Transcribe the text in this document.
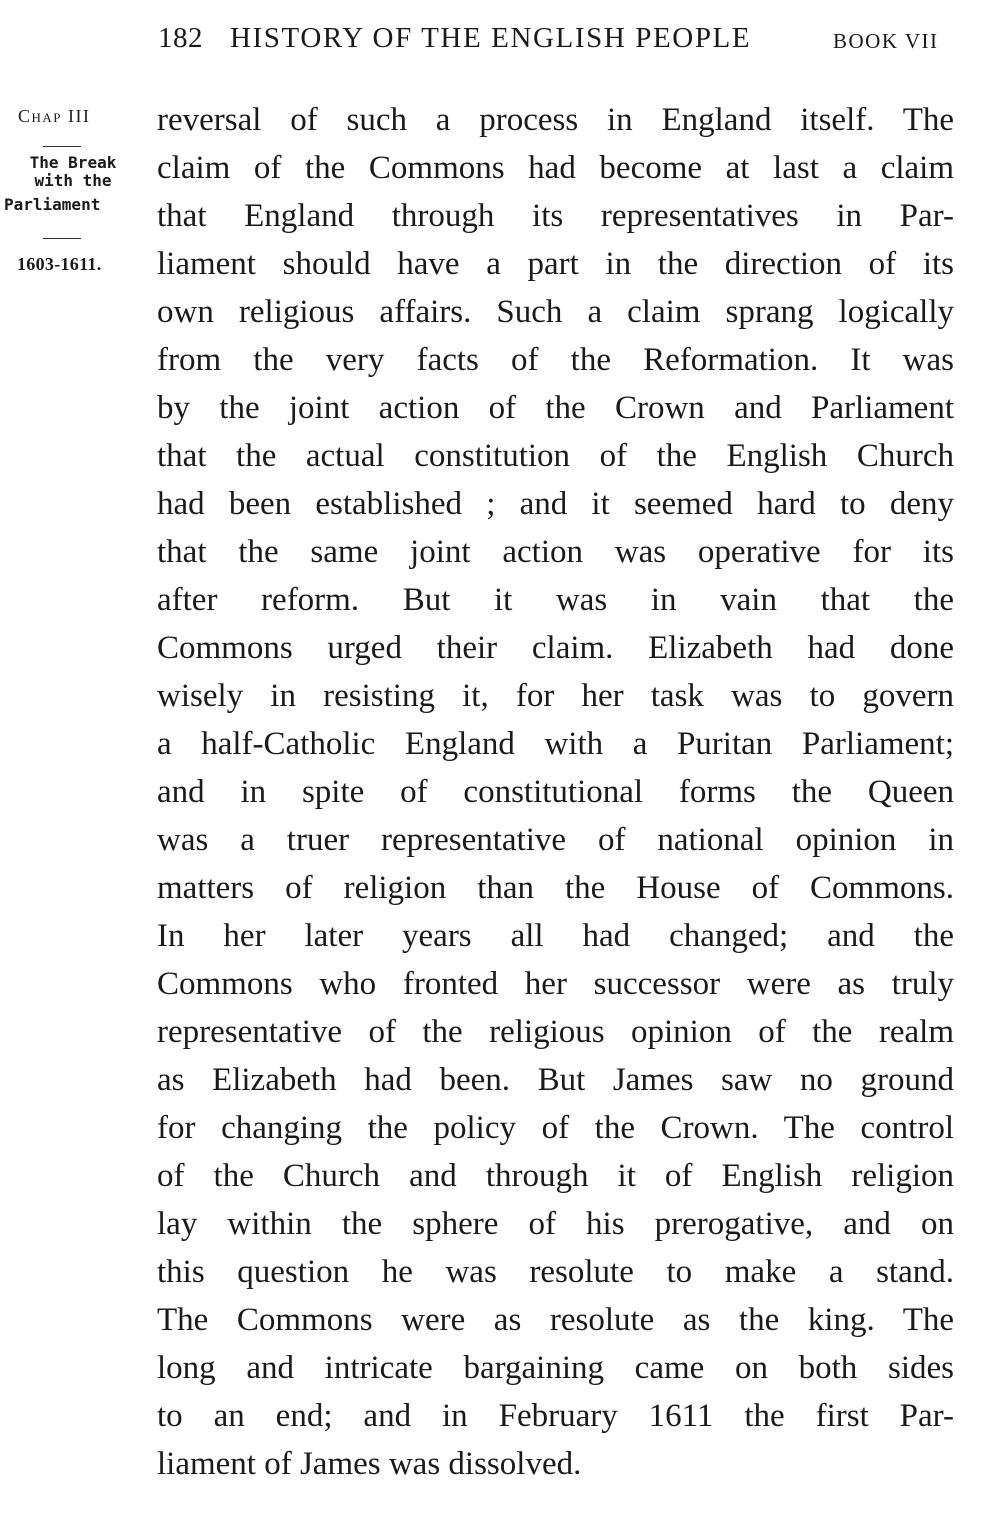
182 HISTORY OF THE ENGLISH PEOPLE	BOOK VII
Chap III
The Break
with the
Parliament
1603-1611.
reversal of such a process in England itself. The
claim of the Commons had become at last a claim
that England through its representatives in Par-
liament should have a part in the direction of its
own religious affairs. Such a claim sprang logically
from the very facts of the Reformation. It was
by the joint action of the Crown and Parliament
that the actual constitution of the English Church
had been established ; and it seemed hard to deny
that the same joint action was operative for its
after reform. But it was in vain that the
Commons urged their claim. Elizabeth had done
wisely in resisting it, for her task was to govern
a half-Catholic England with a Puritan Parliament;
and in spite of constitutional forms the Queen
was a truer representative of national opinion in
matters of religion than the House of Commons.
In her later years all had changed; and the
Commons who fronted her successor were as truly
representative of the religious opinion of the realm
as Elizabeth had been. But James saw no ground
for changing the policy of the Crown. The control
of the Church and through it of English religion
lay within the sphere of his prerogative, and on
this question he was resolute to make a stand.
The Commons were as resolute as the king. The
long and intricate bargaining came on both sides
to an end; and in February 1611 the first Par-
liament of James was dissolved.
